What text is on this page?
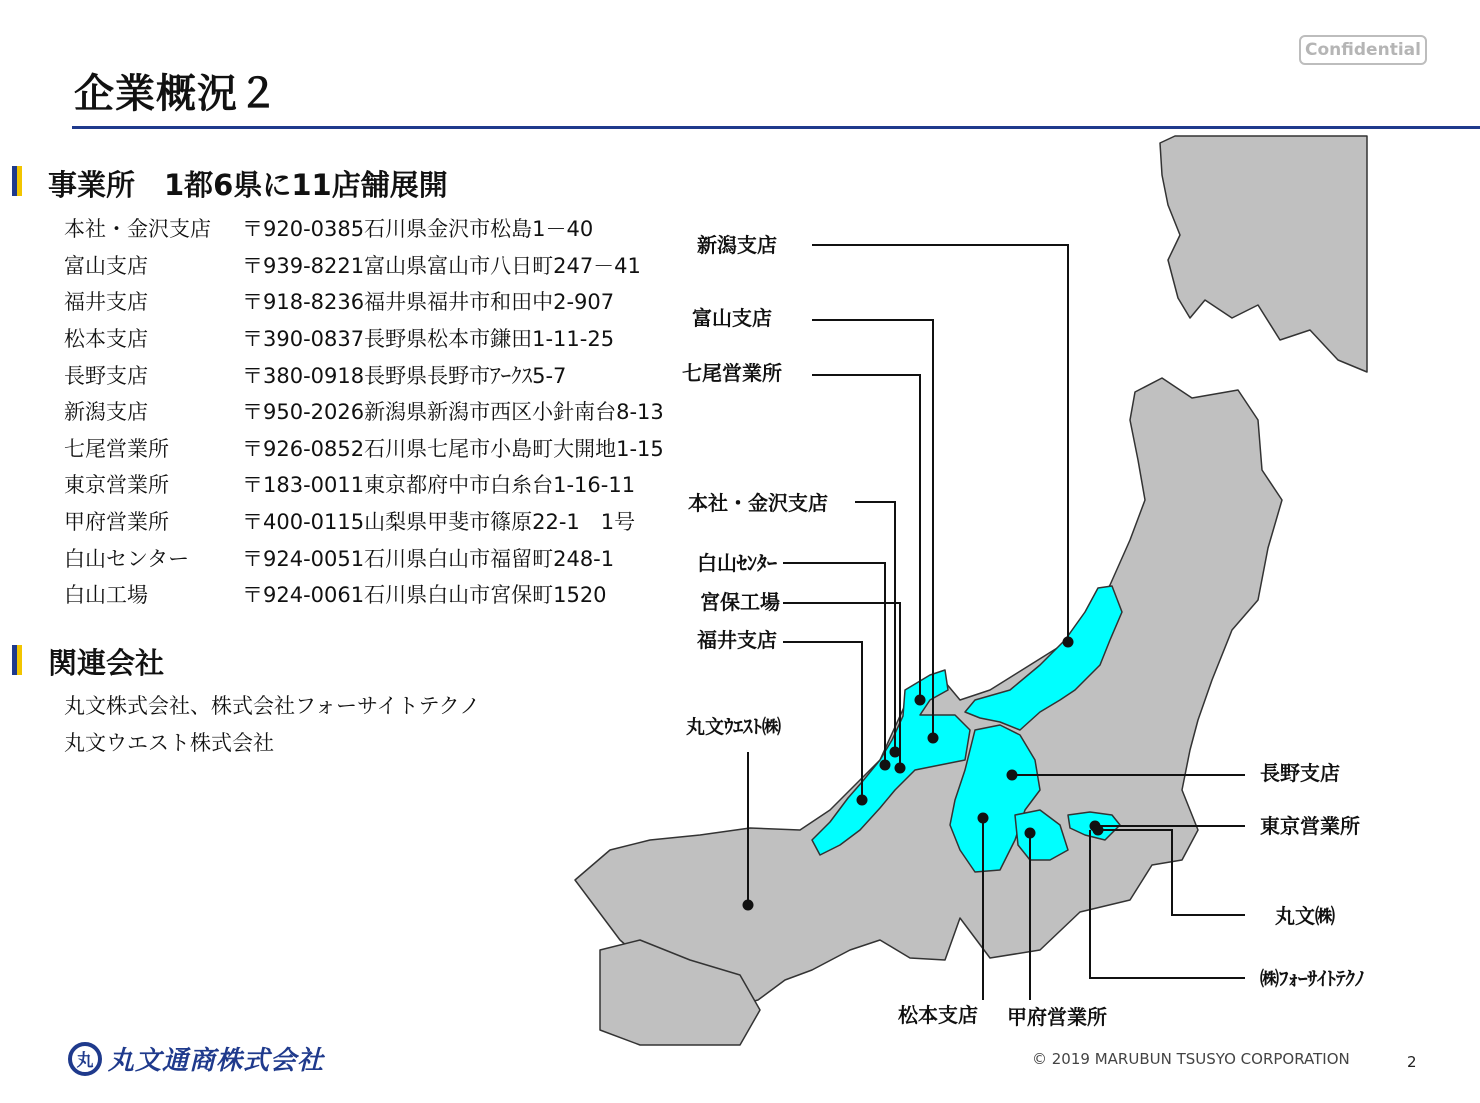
Confidential
企業概況２
事業所　1都6県に11店舗展開
本社・金沢支店	〒920-0385石川県金沢市松島1－40
富山支店	〒939-8221富山県富山市八日町247－41
福井支店	〒918-8236福井県福井市和田中2-907
松本支店	〒390-0837長野県松本市鎌田1-11-25
長野支店	〒380-0918長野県長野市ｱｰｸｽ5-7
新潟支店	〒950-2026新潟県新潟市西区小針南台8-13
七尾営業所	〒926-0852石川県七尾市小島町大開地1-15
東京営業所	〒183-0011東京都府中市白糸台1-16-11
甲府営業所	〒400-0115山梨県甲斐市篠原22-1　1号
白山センター	〒924-0051石川県白山市福留町248-1
白山工場	〒924-0061石川県白山市宮保町1520
関連会社
丸文株式会社、株式会社フォーサイトテクノ
丸文ウエスト株式会社
新潟支店
富山支店
七尾営業所
本社・金沢支店
白山ｾﾝﾀｰ
宮保工場
福井支店
丸文ｳｴｽﾄ㈱
長野支店
東京営業所
丸文㈱
㈱ﾌｫｰｻｲﾄﾃｸﾉ
松本支店 甲府営業所
丸 丸文通商株式会社	© 2019 MARUBUN TSUSYO CORPORATION	2
